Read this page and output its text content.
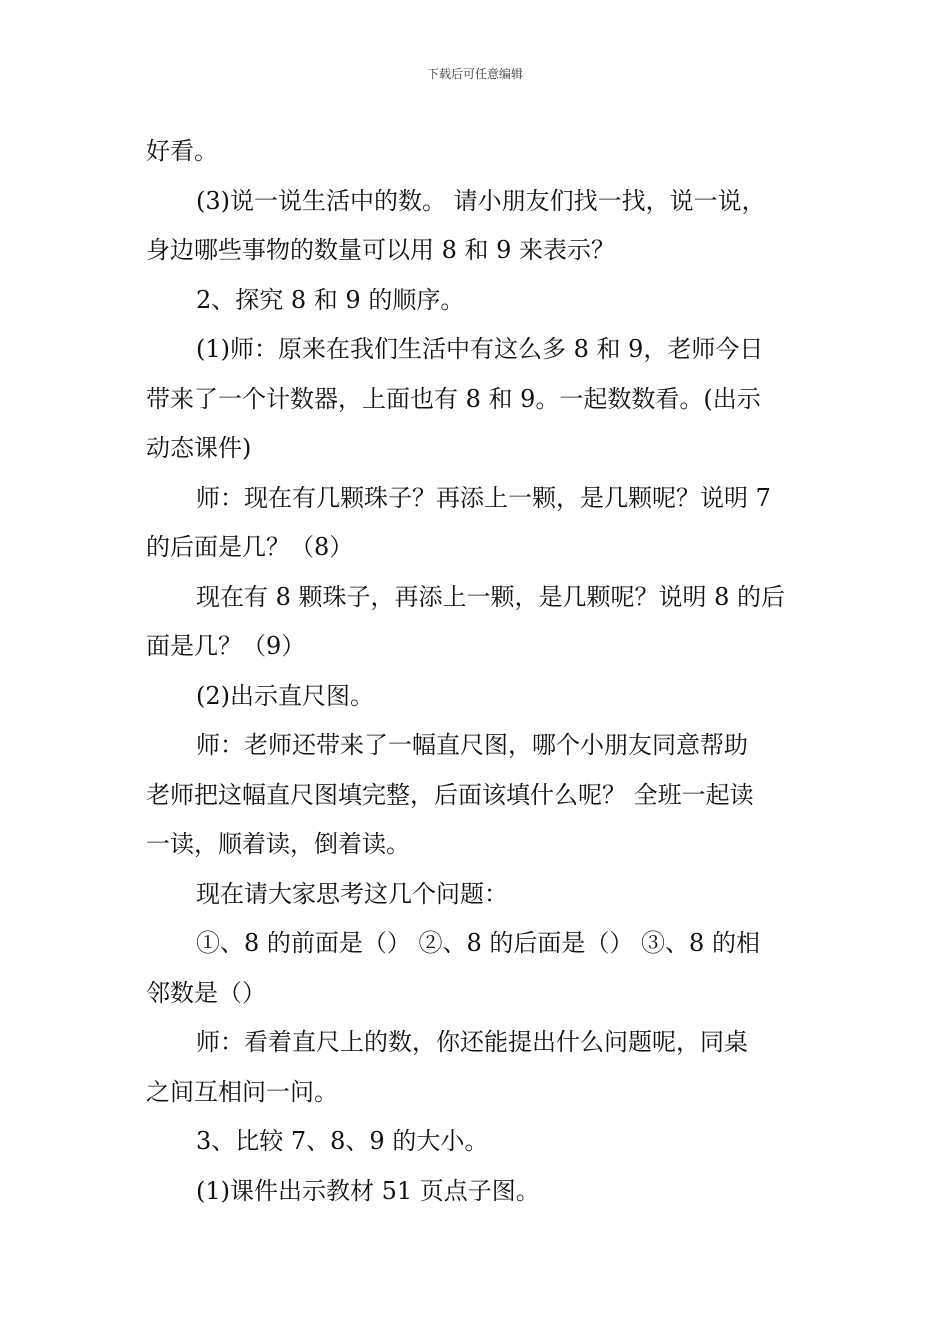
下载后可任意编辑

好看。

(3)说一说生活中的数。 请小朋友们找一找，说一说，

身边哪些事物的数量可以用 8 和 9 来表示？

2、探究 8 和 9 的顺序。

(1)师：原来在我们生活中有这么多 8 和 9，老师今日

带来了一个计数器，上面也有 8 和 9。一起数数看。(出示
动态课件)

师：现在有几颗珠子？再添上一颗，是几颗呢？说明 7

的后面是几？（8）

现在有 8 颗珠子，再添上一颗，是几颗呢？说明 8 的后

面是几？（9）

(2)出示直尺图。

师：老师还带来了一幅直尺图，哪个小朋友同意帮助

老师把这幅直尺图填完整，后面该填什么呢？ 全班一起读
一读，顺着读，倒着读。

现在请大家思考这几个问题：

①、8 的前面是（） ②、8 的后面是（） ③、8 的相

邻数是（）

师：看着直尺上的数，你还能提出什么问题呢，同桌

之间互相问一问。

3、比较 7、8、9 的大小。

(1)课件出示教材 51 页点子图。
